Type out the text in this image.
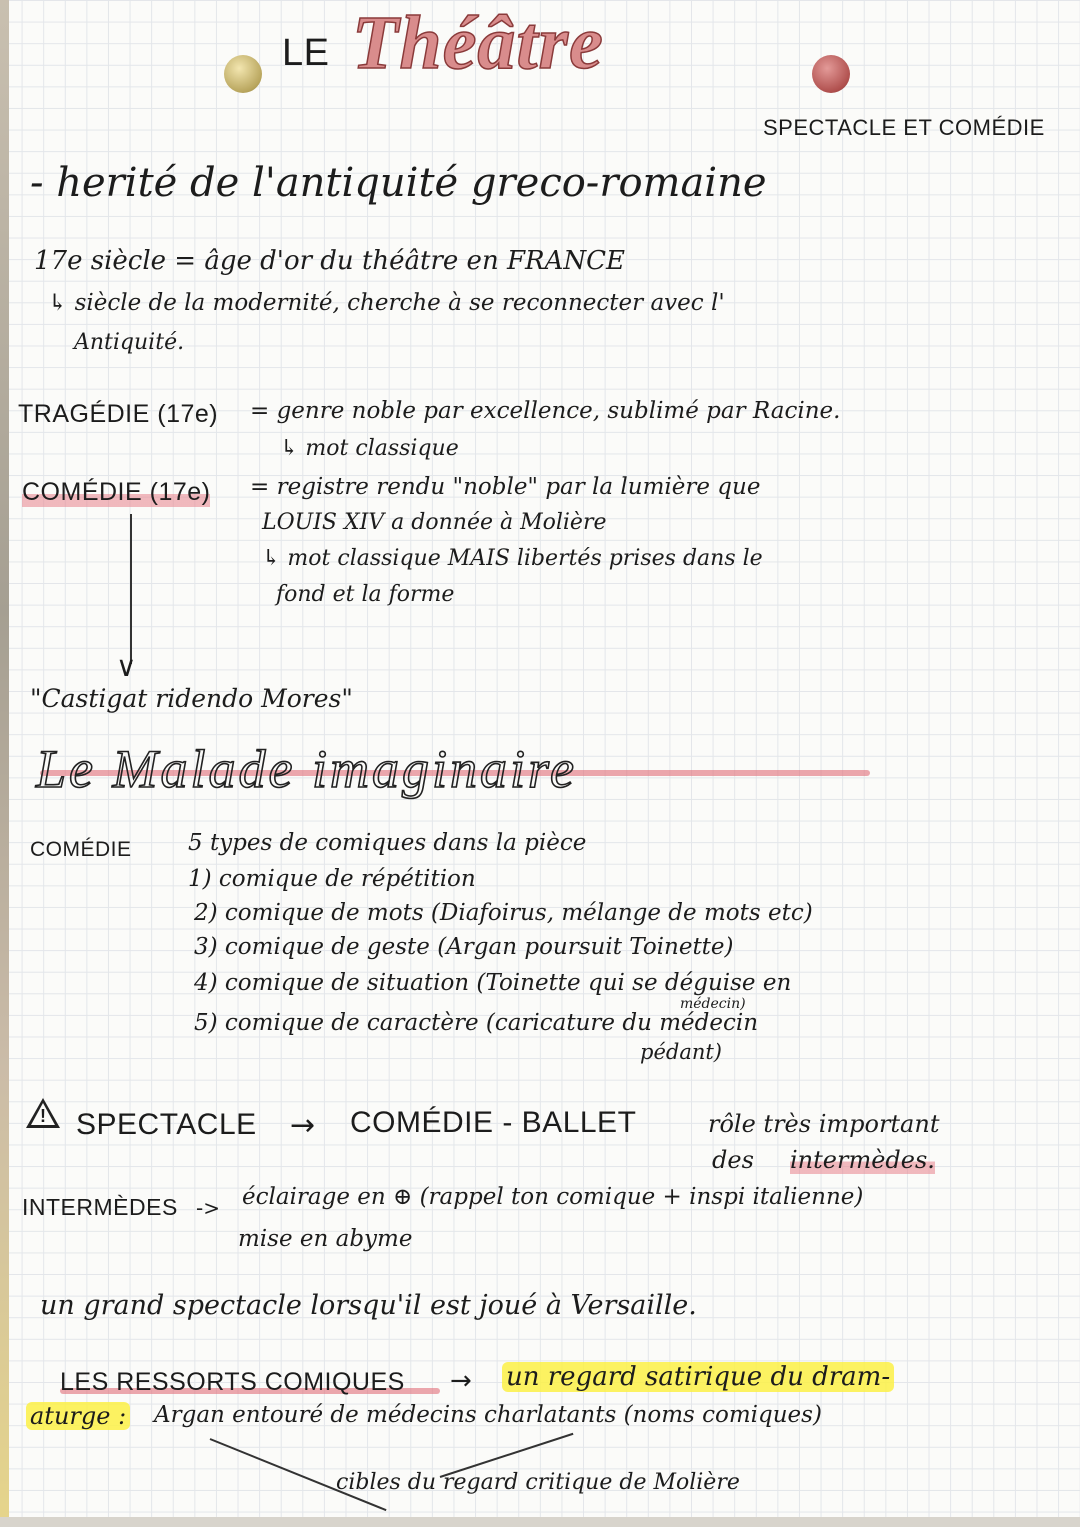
LE Théâtre
SPECTACLE ET COMÉDIE
- herité de l'antiquité greco-romaine
17e siècle = âge d'or du théâtre en FRANCE
↳ siècle de la modernité, cherche à se reconnecter avec l'
Antiquité.
TRAGÉDIE (17e) = genre noble par excellence, sublimé par Racine.
↳ mot classique
COMÉDIE (17e) = registre rendu "noble" par la lumière que
LOUIS XIV a donnée à Molière
↳ mot classique MAIS libertés prises dans le
fond et la forme
∨
"Castigat ridendo Mores"
Le Malade imaginaire
COMÉDIE 5 types de comiques dans la pièce
1) comique de répétition
2) comique de mots (Diafoirus, mélange de mots etc)
3) comique de geste (Argan poursuit Toinette)
4) comique de situation (Toinette qui se déguise en
médecin)
5) comique de caractère (caricature du médecin
pédant)
! SPECTACLE → COMÉDIE - BALLET	rôle très important
des intermèdes.
INTERMÈDES -> éclairage en ⊕ (rappel ton comique + inspi italienne)
mise en abyme
un grand spectacle lorsqu'il est joué à Versaille.
LES RESSORTS COMIQUES → un regard satirique du dram-
aturge : Argan entouré de médecins charlatants (noms comiques)
cibles du regard critique de Molière
